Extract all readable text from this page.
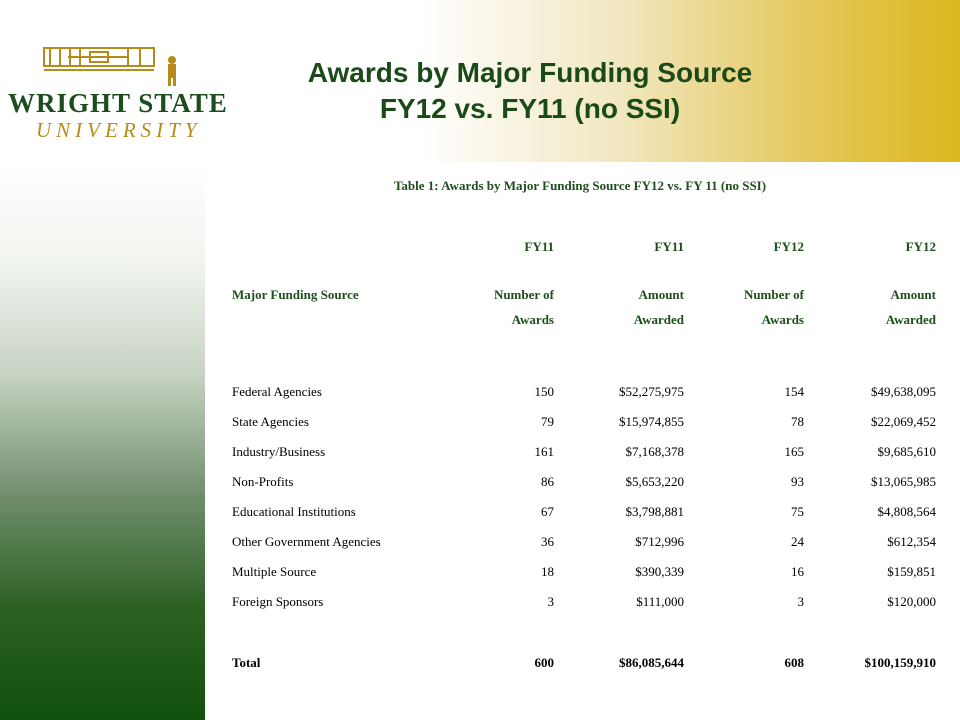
WRIGHT STATE
UNIVERSITY
Awards by Major Funding Source
FY12 vs. FY11 (no SSI)
Table 1: Awards by Major Funding Source FY12 vs. FY 11 (no SSI)
	FY11	FY11	FY12	FY12
Major Funding Source	Number of	Amount	Number of	Amount
	Awards	Awarded	Awards	Awarded

Federal Agencies	150	$52,275,975	154	$49,638,095
State Agencies	79	$15,974,855	78	$22,069,452
Industry/Business	161	$7,168,378	165	$9,685,610
Non-Profits	86	$5,653,220	93	$13,065,985
Educational Institutions	67	$3,798,881	75	$4,808,564
Other Government Agencies	36	$712,996	24	$612,354
Multiple Source	18	$390,339	16	$159,851
Foreign Sponsors	3	$111,000	3	$120,000

Total	600	$86,085,644	608	$100,159,910
